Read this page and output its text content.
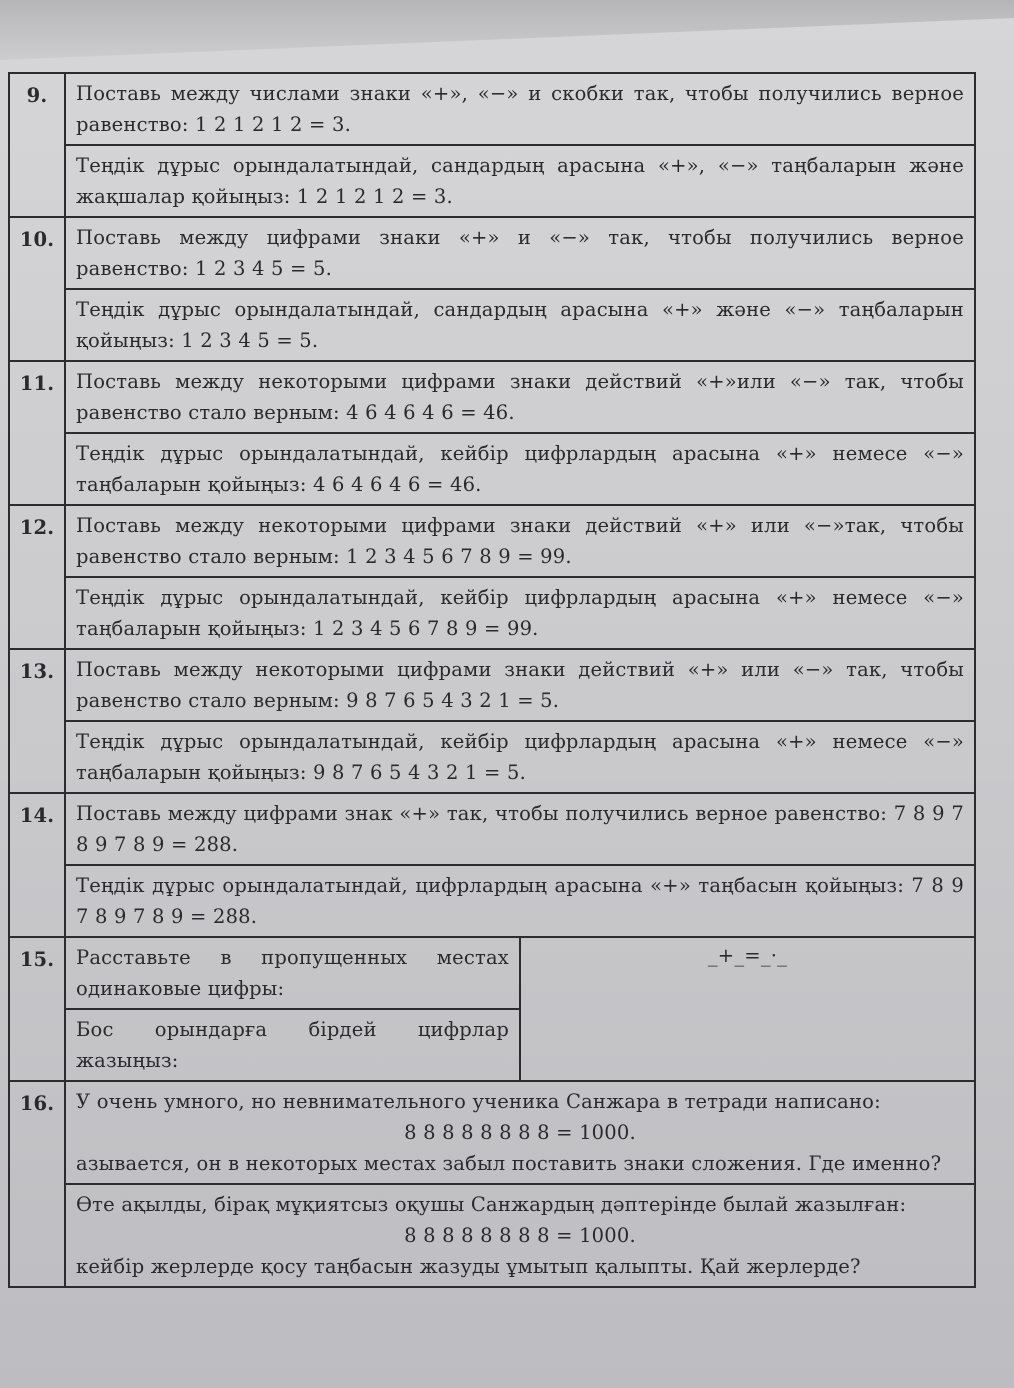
9.	Поставь между числами знаки «+», «−» и скобки так, чтобы получились верное равенство: 1 2 1 2 1 2 = 3.	
	Теңдік дұрыс орындалатындай, сандардың арасына «+», «−» таңбаларын және жақшалар қойыңыз: 1 2 1 2 1 2 = 3.	
10.	Поставь между цифрами знаки «+» и «−» так, чтобы получились верное равенство: 1 2 3 4 5 = 5.	
	Теңдік дұрыс орындалатындай, сандардың арасына «+» және «−» таңбаларын қойыңыз: 1 2 3 4 5 = 5.	
11.	Поставь между некоторыми цифрами знаки действий «+»или «−» так, чтобы равенство стало верным: 4 6 4 6 4 6 = 46.	
	Теңдік дұрыс орындалатындай, кейбір цифрлардың арасына «+» немесе «−» таңбаларын қойыңыз: 4 6 4 6 4 6 = 46.	
12.	Поставь между некоторыми цифрами знаки действий «+» или «−»так, чтобы равенство стало верным: 1 2 3 4 5 6 7 8 9 = 99.	
	Теңдік дұрыс орындалатындай, кейбір цифрлардың арасына «+» немесе «−» таңбаларын қойыңыз: 1 2 3 4 5 6 7 8 9 = 99.	
13.	Поставь между некоторыми цифрами знаки действий «+» или «−» так, чтобы равенство стало верным: 9 8 7 6 5 4 3 2 1 = 5.	
	Теңдік дұрыс орындалатындай, кейбір цифрлардың арасына «+» немесе «−» таңбаларын қойыңыз: 9 8 7 6 5 4 3 2 1 = 5.	
14.	Поставь между цифрами знак «+» так, чтобы получились верное равенство: 7 8 9 7 8 9 7 8 9 = 288.	
	Теңдік дұрыс орындалатындай, цифрлардың арасына «+» таңбасын қойыңыз: 7 8 9 7 8 9 7 8 9 = 288.	
15.	Расставьте в пропущенных местах одинаковые цифры:	_+_=_·_
	Бос орындарға бірдей цифрлар жазыңыз:	
16.	У очень умного, но невнимательного ученика Санжара в тетради написано:
8 8 8 8 8 8 8 8 = 1000.
азывается, он в некоторых местах забыл поставить знаки сложения. Где именно?	

	Өте ақылды, бірақ мұқиятсыз оқушы Санжардың дәптерінде былай жазылған:
8 8 8 8 8 8 8 8 = 1000.
кейбір жерлерде қосу таңбасын жазуды ұмытып қалыпты. Қай жерлерде?	
